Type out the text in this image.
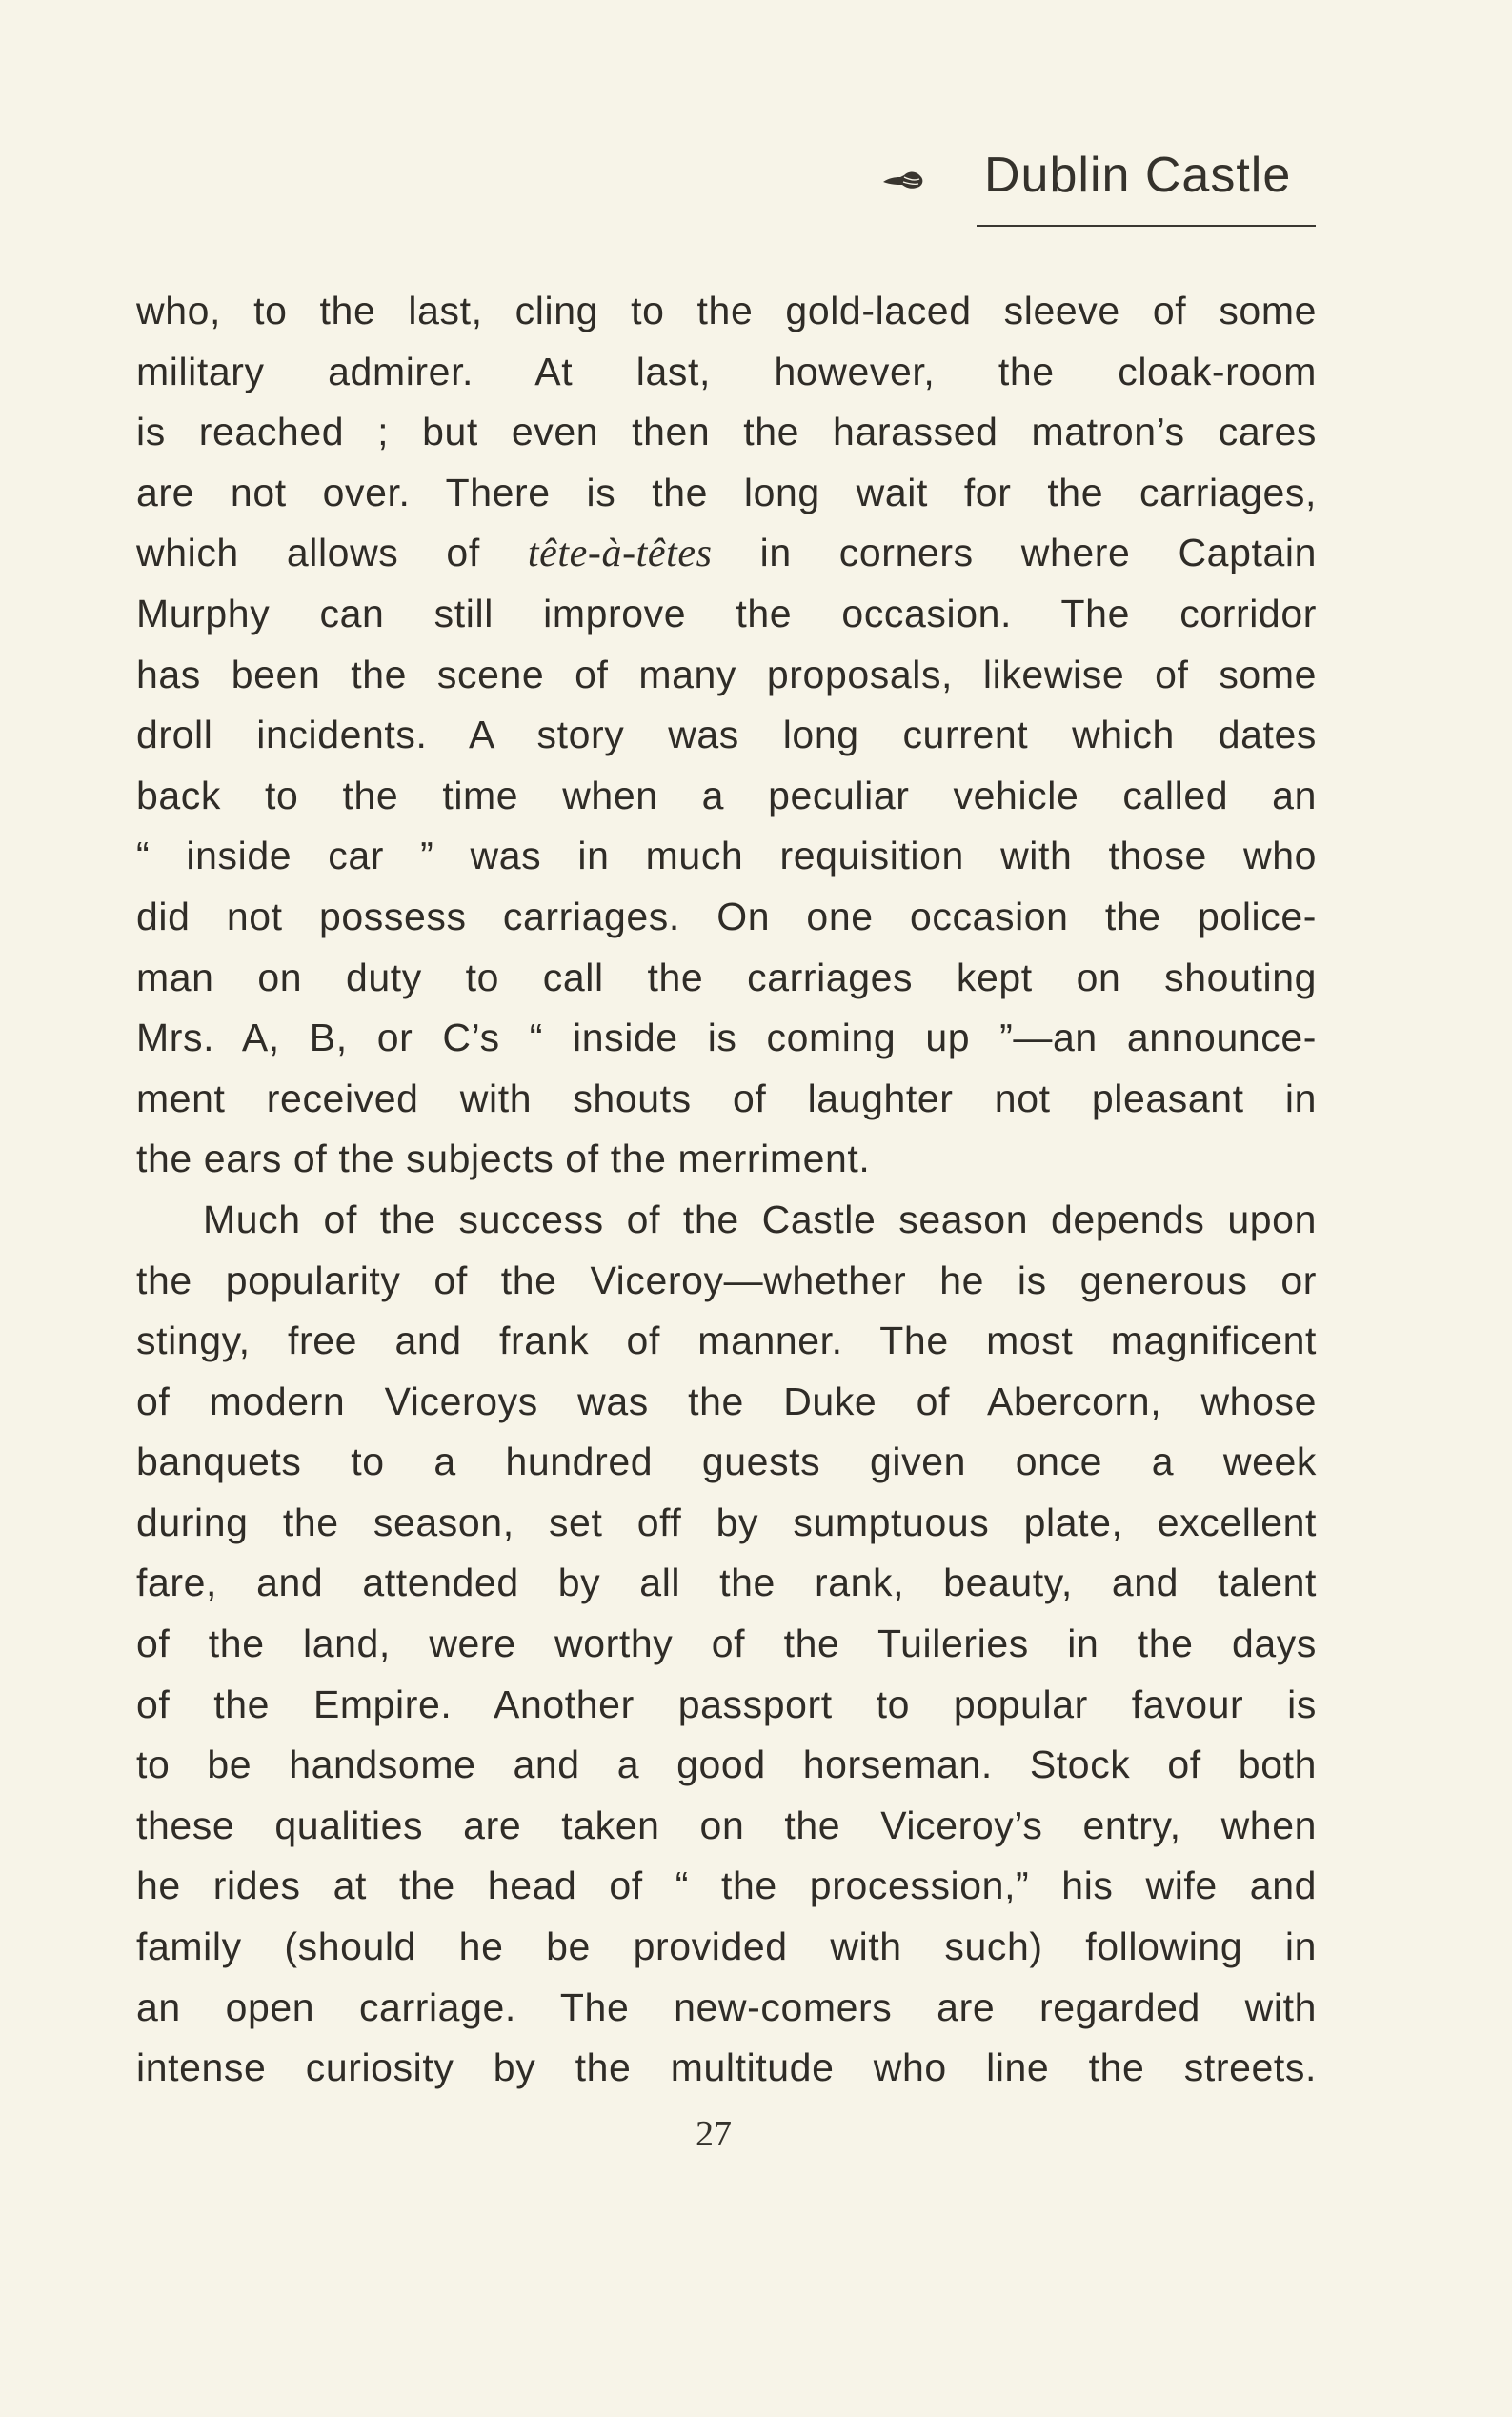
Dublin Castle
who, to the last, cling to the gold-laced sleeve of some
military admirer. At last, however, the cloak-room
is reached ; but even then the harassed matron’s cares
are not over. There is the long wait for the carriages,
which allows of tête-à-têtes in corners where Captain
Murphy can still improve the occasion. The corridor
has been the scene of many proposals, likewise of some
droll incidents. A story was long current which dates
back to the time when a peculiar vehicle called an
“ inside car ” was in much requisition with those who
did not possess carriages. On one occasion the police-
man on duty to call the carriages kept on shouting
Mrs. A, B, or C’s “ inside is coming up ”—an announce-
ment received with shouts of laughter not pleasant in
the ears of the subjects of the merriment.
Much of the success of the Castle season depends upon
the popularity of the Viceroy—whether he is generous or
stingy, free and frank of manner. The most magnificent
of modern Viceroys was the Duke of Abercorn, whose
banquets to a hundred guests given once a week
during the season, set off by sumptuous plate, excellent
fare, and attended by all the rank, beauty, and talent
of the land, were worthy of the Tuileries in the days
of the Empire. Another passport to popular favour is
to be handsome and a good horseman. Stock of both
these qualities are taken on the Viceroy’s entry, when
he rides at the head of “ the procession,” his wife and
family (should he be provided with such) following in
an open carriage. The new-comers are regarded with
intense curiosity by the multitude who line the streets.
27
